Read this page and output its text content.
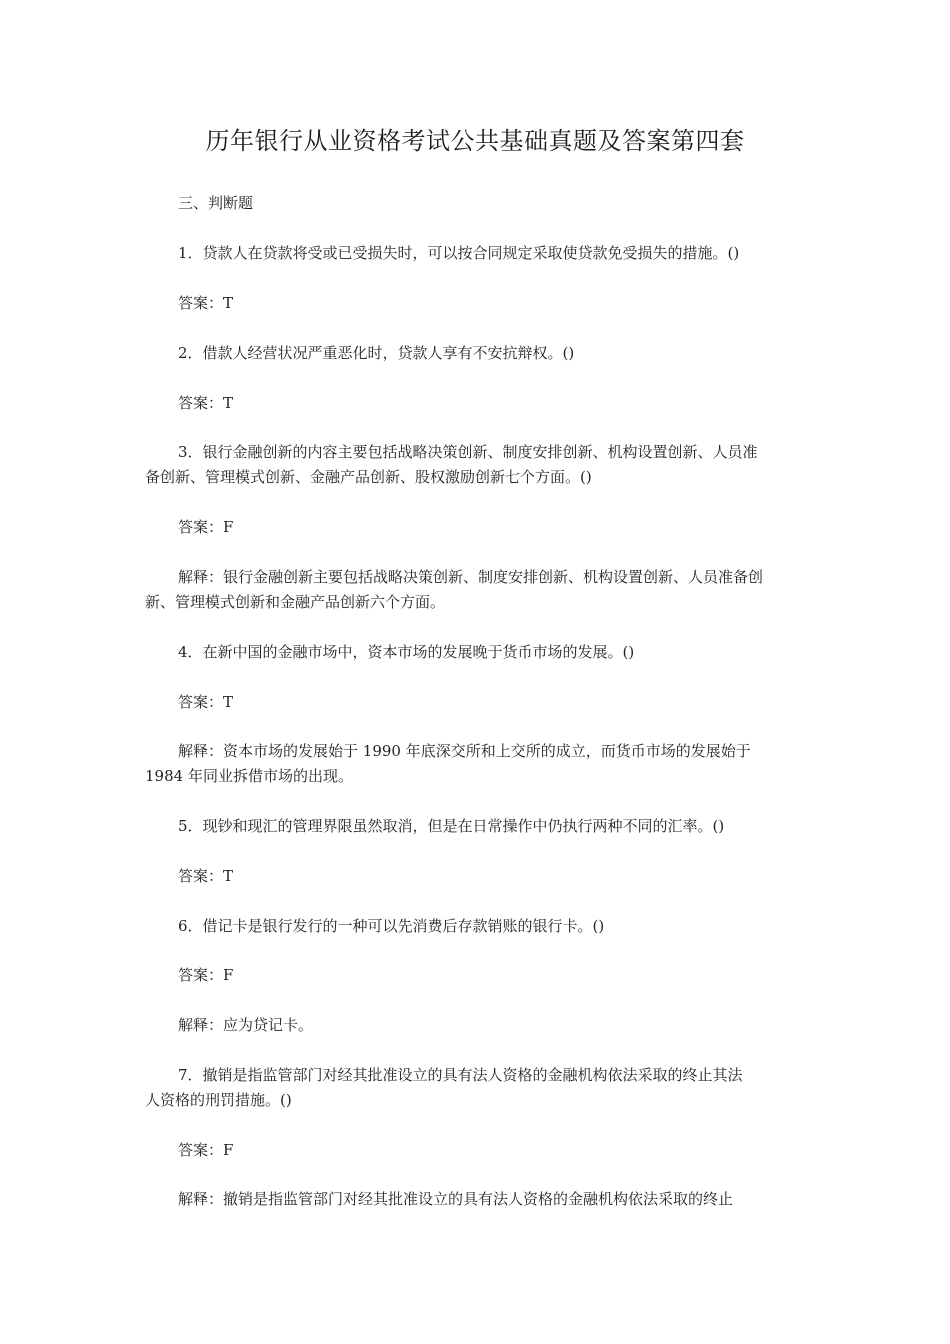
历年银行从业资格考试公共基础真题及答案第四套
三、判断题
1．贷款人在贷款将受或已受损失时，可以按合同规定采取使贷款免受损失的措施。()
答案：T
2．借款人经营状况严重恶化时，贷款人享有不安抗辩权。()
答案：T
3．银行金融创新的内容主要包括战略决策创新、制度安排创新、机构设置创新、人员准
备创新、管理模式创新、金融产品创新、股权激励创新七个方面。()
答案：F
解释：银行金融创新主要包括战略决策创新、制度安排创新、机构设置创新、人员准备创
新、管理模式创新和金融产品创新六个方面。
4．在新中国的金融市场中，资本市场的发展晚于货币市场的发展。()
答案：T
解释：资本市场的发展始于 1990 年底深交所和上交所的成立，而货币市场的发展始于
1984 年同业拆借市场的出现。
5．现钞和现汇的管理界限虽然取消，但是在日常操作中仍执行两种不同的汇率。()
答案：T
6．借记卡是银行发行的一种可以先消费后存款销账的银行卡。()
答案：F
解释：应为贷记卡。
7．撤销是指监管部门对经其批准设立的具有法人资格的金融机构依法采取的终止其法
人资格的刑罚措施。()
答案：F
解释：撤销是指监管部门对经其批准设立的具有法人资格的金融机构依法采取的终止
